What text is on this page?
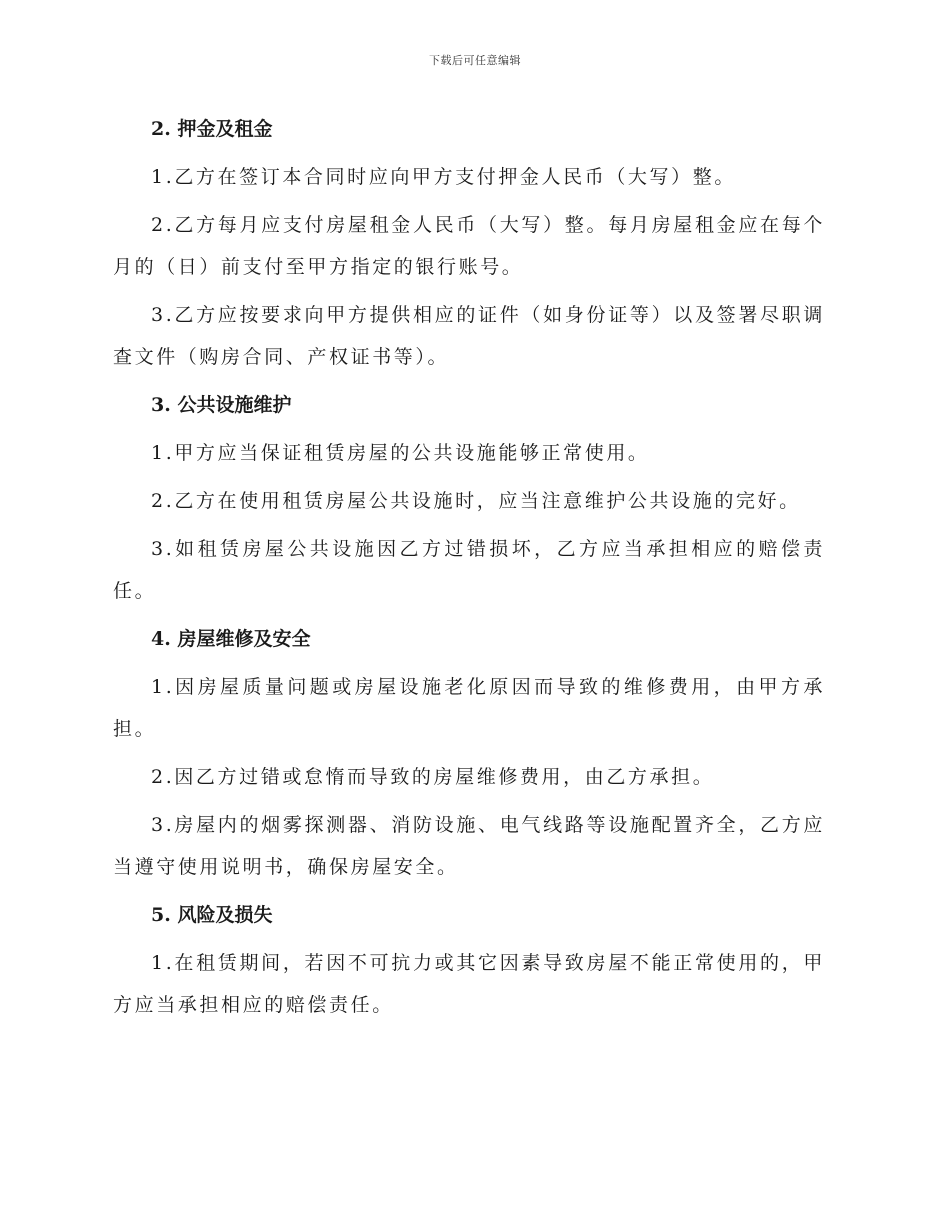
下载后可任意编辑

2. 押金及租金

1.乙方在签订本合同时应向甲方支付押金人民币（大写）整。

2.乙方每月应支付房屋租金人民币（大写）整。每月房屋租金应在每个月的（日）前支付至甲方指定的银行账号。

3.乙方应按要求向甲方提供相应的证件（如身份证等）以及签署尽职调查文件（购房合同、产权证书等）。

3. 公共设施维护

1.甲方应当保证租赁房屋的公共设施能够正常使用。

2.乙方在使用租赁房屋公共设施时，应当注意维护公共设施的完好。

3.如租赁房屋公共设施因乙方过错损坏，乙方应当承担相应的赔偿责任。

4. 房屋维修及安全

1.因房屋质量问题或房屋设施老化原因而导致的维修费用，由甲方承担。

2.因乙方过错或怠惰而导致的房屋维修费用，由乙方承担。

3.房屋内的烟雾探测器、消防设施、电气线路等设施配置齐全，乙方应当遵守使用说明书，确保房屋安全。

5. 风险及损失

1.在租赁期间，若因不可抗力或其它因素导致房屋不能正常使用的，甲方应当承担相应的赔偿责任。
